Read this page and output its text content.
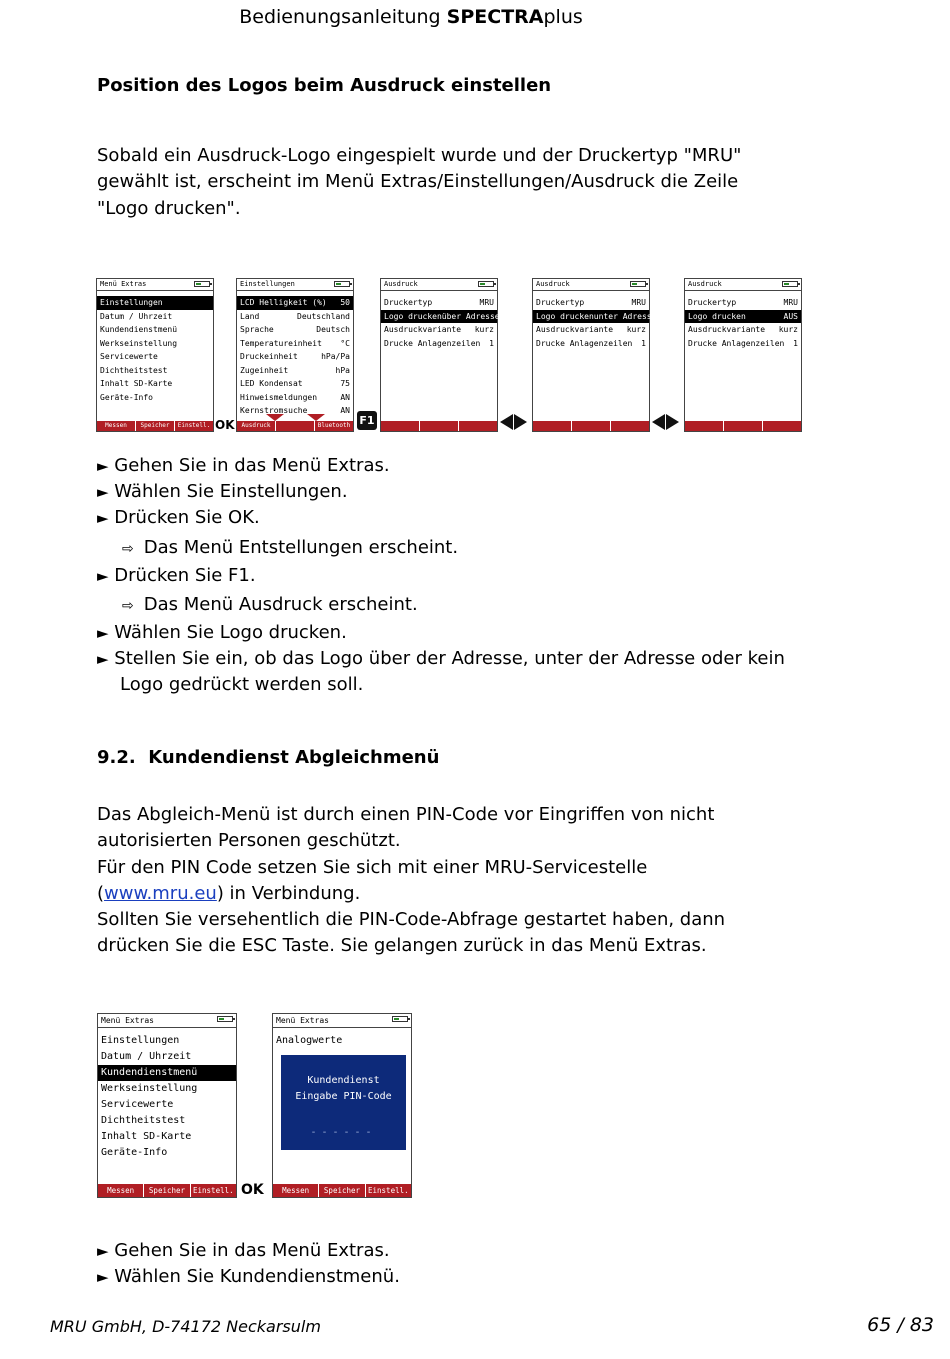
Bedienungsanleitung SPECTRAplus
Position des Logos beim Ausdruck einstellen
Sobald ein Ausdruck-Logo eingespielt wurde und der Druckertyp "MRU"
gewählt ist, erscheint im Menü Extras/Einstellungen/Ausdruck die Zeile
"Logo drucken".
Menü Extras
Einstellungen
Datum / Uhrzeit
Kundendienstmenü
Werkseinstellung
Servicewerte
Dichtheitstest
Inhalt SD-Karte
Geräte-Info
Messen	Speicher	Einstell. OK
Einstellungen
LCD Helligkeit (%) 50
Land	Deutschland
Sprache	Deutsch
Temperatureinheit °C
Druckeinheit	hPa/Pa
Zugeinheit	hPa
LED Kondensat	75
Hinweismeldungen	AN
Kernstromsuche	AN
Ausdruck	Bluetooth F1
Ausdruck
Druckertyp	MRU
Logo drucken über Adresse
Ausdruckvariante kurz
Drucke Anlagenzeilen 1
Ausdruck
Druckertyp	MRU
Logo drucken unter Adresse
Ausdruckvariante kurz
Drucke Anlagenzeilen 1
Ausdruck
Druckertyp	MRU
Logo drucken	AUS
Ausdruckvariante kurz
Drucke Anlagenzeilen 1
► Gehen Sie in das Menü Extras.
► Wählen Sie Einstellungen.
► Drücken Sie OK.
⇨ Das Menü Entstellungen erscheint.
► Drücken Sie F1.
⇨ Das Menü Ausdruck erscheint.
► Wählen Sie Logo drucken.
► Stellen Sie ein, ob das Logo über der Adresse, unter der Adresse oder kein Logo gedrückt werden soll.
9.2. Kundendienst Abgleichmenü
Das Abgleich-Menü ist durch einen PIN-Code vor Eingriffen von nicht
autorisierten Personen geschützt.
Für den PIN Code setzen Sie sich mit einer MRU-Servicestelle
(www.mru.eu) in Verbindung.
Sollten Sie versehentlich die PIN-Code-Abfrage gestartet haben, dann
drücken Sie die ESC Taste. Sie gelangen zurück in das Menü Extras.
Menü Extras
Einstellungen
Datum / Uhrzeit
Kundendienstmenü
Werkseinstellung
Servicewerte
Dichtheitstest
Inhalt SD-Karte
Geräte-Info
Messen	Speicher	Einstell. OK
Menü Extras
Analogwerte
Kundendienst
Eingabe PIN-Code
------
Messen	Speicher	Einstell.
► Gehen Sie in das Menü Extras.
► Wählen Sie Kundendienstmenü.
MRU GmbH, D-74172 Neckarsulm	65 / 83
